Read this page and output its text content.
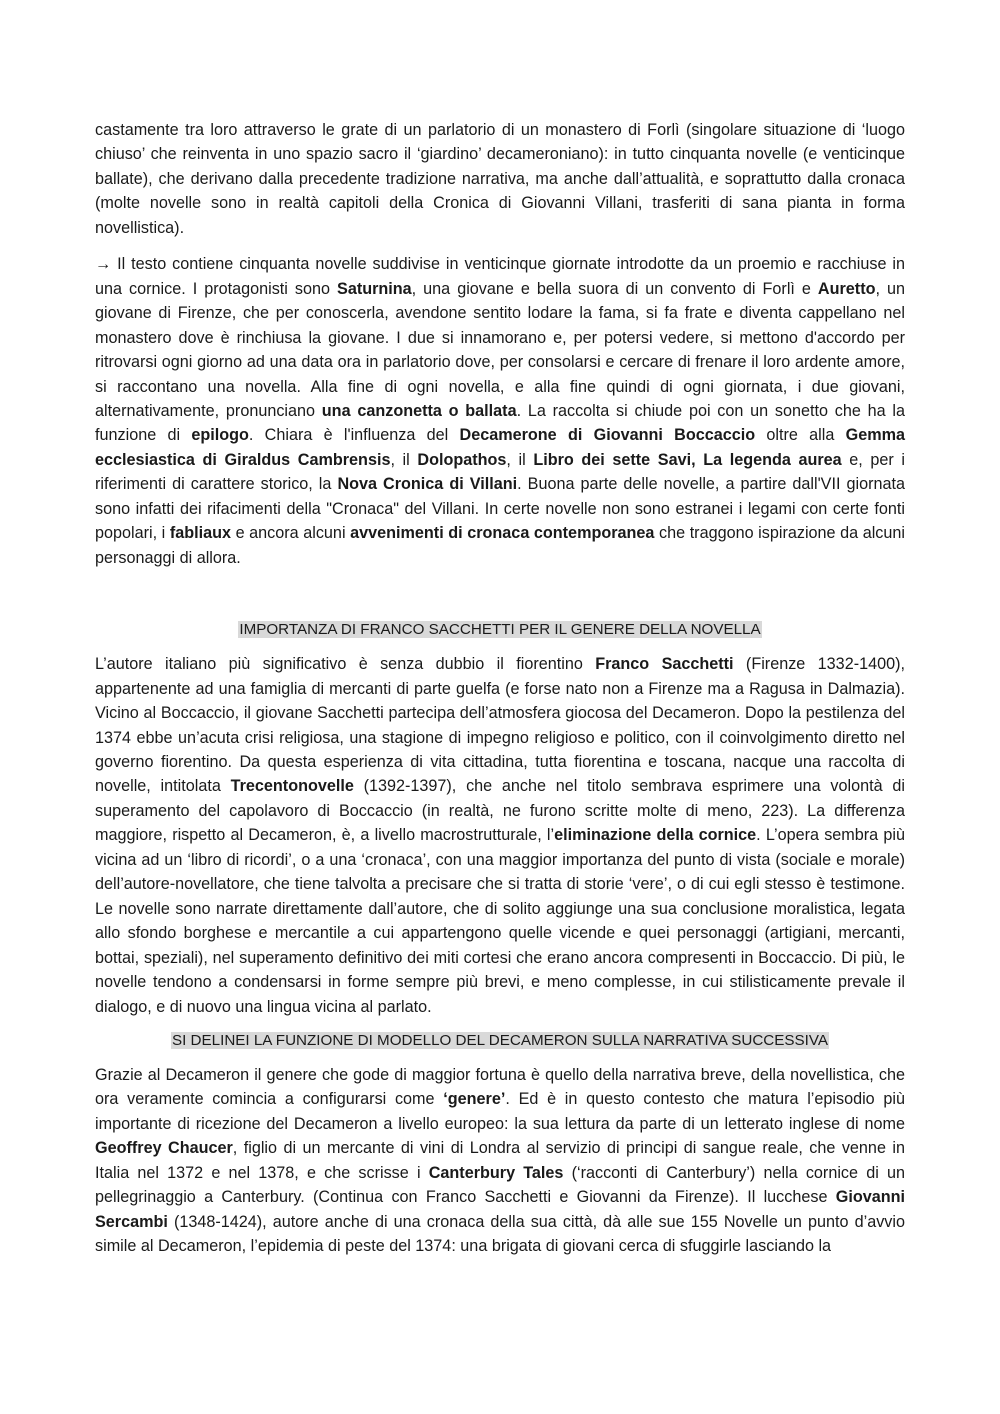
castamente tra loro attraverso le grate di un parlatorio di un monastero di Forlì (singolare situazione di ‘luogo chiuso’ che reinventa in uno spazio sacro il ‘giardino’ decameroniano): in tutto cinquanta novelle (e venticinque ballate), che derivano dalla precedente tradizione narrativa, ma anche dall’attualità, e soprattutto dalla cronaca (molte novelle sono in realtà capitoli della Cronica di Giovanni Villani, trasferiti di sana pianta in forma novellistica).

→ Il testo contiene cinquanta novelle suddivise in venticinque giornate introdotte da un proemio e racchiuse in una cornice. I protagonisti sono Saturnina, una giovane e bella suora di un convento di Forlì e Auretto, un giovane di Firenze, che per conoscerla, avendone sentito lodare la fama, si fa frate e diventa cappellano nel monastero dove è rinchiusa la giovane. I due si innamorano e, per potersi vedere, si mettono d'accordo per ritrovarsi ogni giorno ad una data ora in parlatorio dove, per consolarsi e cercare di frenare il loro ardente amore, si raccontano una novella. Alla fine di ogni novella, e alla fine quindi di ogni giornata, i due giovani, alternativamente, pronunciano una canzonetta o ballata. La raccolta si chiude poi con un sonetto che ha la funzione di epilogo. Chiara è l'influenza del Decamerone di Giovanni Boccaccio oltre alla Gemma ecclesiastica di Giraldus Cambrensis, il Dolopathos, il Libro dei sette Savi, La legenda aurea e, per i riferimenti di carattere storico, la Nova Cronica di Villani. Buona parte delle novelle, a partire dall'VII giornata sono infatti dei rifacimenti della "Cronaca" del Villani. In certe novelle non sono estranei i legami con certe fonti popolari, i fabliaux e ancora alcuni avvenimenti di cronaca contemporanea che traggono ispirazione da alcuni personaggi di allora.

IMPORTANZA DI FRANCO SACCHETTI PER IL GENERE DELLA NOVELLA

L’autore italiano più significativo è senza dubbio il fiorentino Franco Sacchetti (Firenze 1332-1400), appartenente ad una famiglia di mercanti di parte guelfa (e forse nato non a Firenze ma a Ragusa in Dalmazia). Vicino al Boccaccio, il giovane Sacchetti partecipa dell’atmosfera giocosa del Decameron. Dopo la pestilenza del 1374 ebbe un’acuta crisi religiosa, una stagione di impegno religioso e politico, con il coinvolgimento diretto nel governo fiorentino. Da questa esperienza di vita cittadina, tutta fiorentina e toscana, nacque una raccolta di novelle, intitolata Trecentonovelle (1392-1397), che anche nel titolo sembrava esprimere una volontà di superamento del capolavoro di Boccaccio (in realtà, ne furono scritte molte di meno, 223). La differenza maggiore, rispetto al Decameron, è, a livello macrostrutturale, l’eliminazione della cornice. L’opera sembra più vicina ad un ‘libro di ricordi’, o a una ‘cronaca’, con una maggior importanza del punto di vista (sociale e morale) dell’autore-novellatore, che tiene talvolta a precisare che si tratta di storie ‘vere’, o di cui egli stesso è testimone. Le novelle sono narrate direttamente dall’autore, che di solito aggiunge una sua conclusione moralistica, legata allo sfondo borghese e mercantile a cui appartengono quelle vicende e quei personaggi (artigiani, mercanti, bottai, speziali), nel superamento definitivo dei miti cortesi che erano ancora compresenti in Boccaccio. Di più, le novelle tendono a condensarsi in forme sempre più brevi, e meno complesse, in cui stilisticamente prevale il dialogo, e di nuovo una lingua vicina al parlato.

SI DELINEI LA FUNZIONE DI MODELLO DEL DECAMERON SULLA NARRATIVA SUCCESSIVA

Grazie al Decameron il genere che gode di maggior fortuna è quello della narrativa breve, della novellistica, che ora veramente comincia a configurarsi come ‘genere’. Ed è in questo contesto che matura l’episodio più importante di ricezione del Decameron a livello europeo: la sua lettura da parte di un letterato inglese di nome Geoffrey Chaucer, figlio di un mercante di vini di Londra al servizio di principi di sangue reale, che venne in Italia nel 1372 e nel 1378, e che scrisse i Canterbury Tales (‘racconti di Canterbury’) nella cornice di un pellegrinaggio a Canterbury. (Continua con Franco Sacchetti e Giovanni da Firenze). Il lucchese Giovanni Sercambi (1348-1424), autore anche di una cronaca della sua città, dà alle sue 155 Novelle un punto d’avvio simile al Decameron, l’epidemia di peste del 1374: una brigata di giovani cerca di sfuggirle lasciando la
